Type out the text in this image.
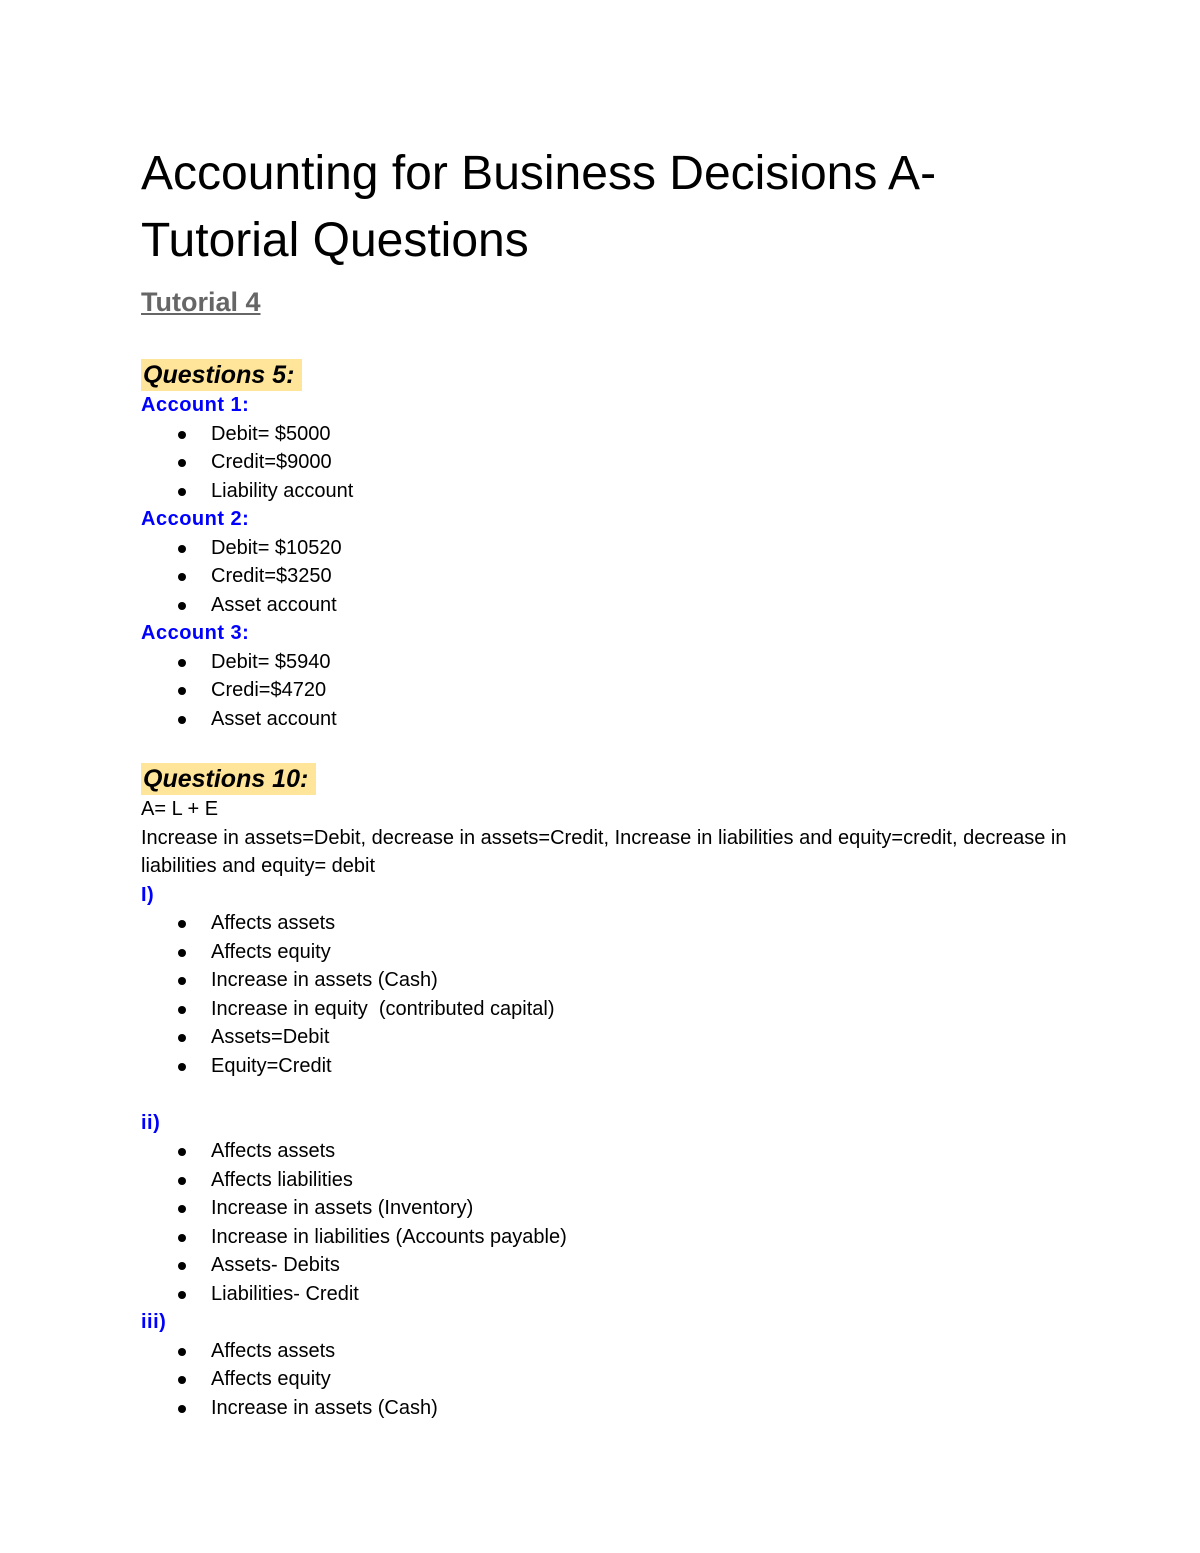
Accounting for Business Decisions A- Tutorial Questions
Tutorial 4
Questions 5:
Account 1:
Debit= $5000
Credit=$9000
Liability account
Account 2:
Debit= $10520
Credit=$3250
Asset account
Account 3:
Debit= $5940
Credi=$4720
Asset account
Questions 10:
A= L + E
Increase in assets=Debit, decrease in assets=Credit, Increase in liabilities and equity=credit, decrease in liabilities and equity= debit
I)
Affects assets
Affects equity
Increase in assets (Cash)
Increase in equity  (contributed capital)
Assets=Debit
Equity=Credit
ii)
Affects assets
Affects liabilities
Increase in assets (Inventory)
Increase in liabilities (Accounts payable)
Assets- Debits
Liabilities- Credit
iii)
Affects assets
Affects equity
Increase in assets (Cash)
